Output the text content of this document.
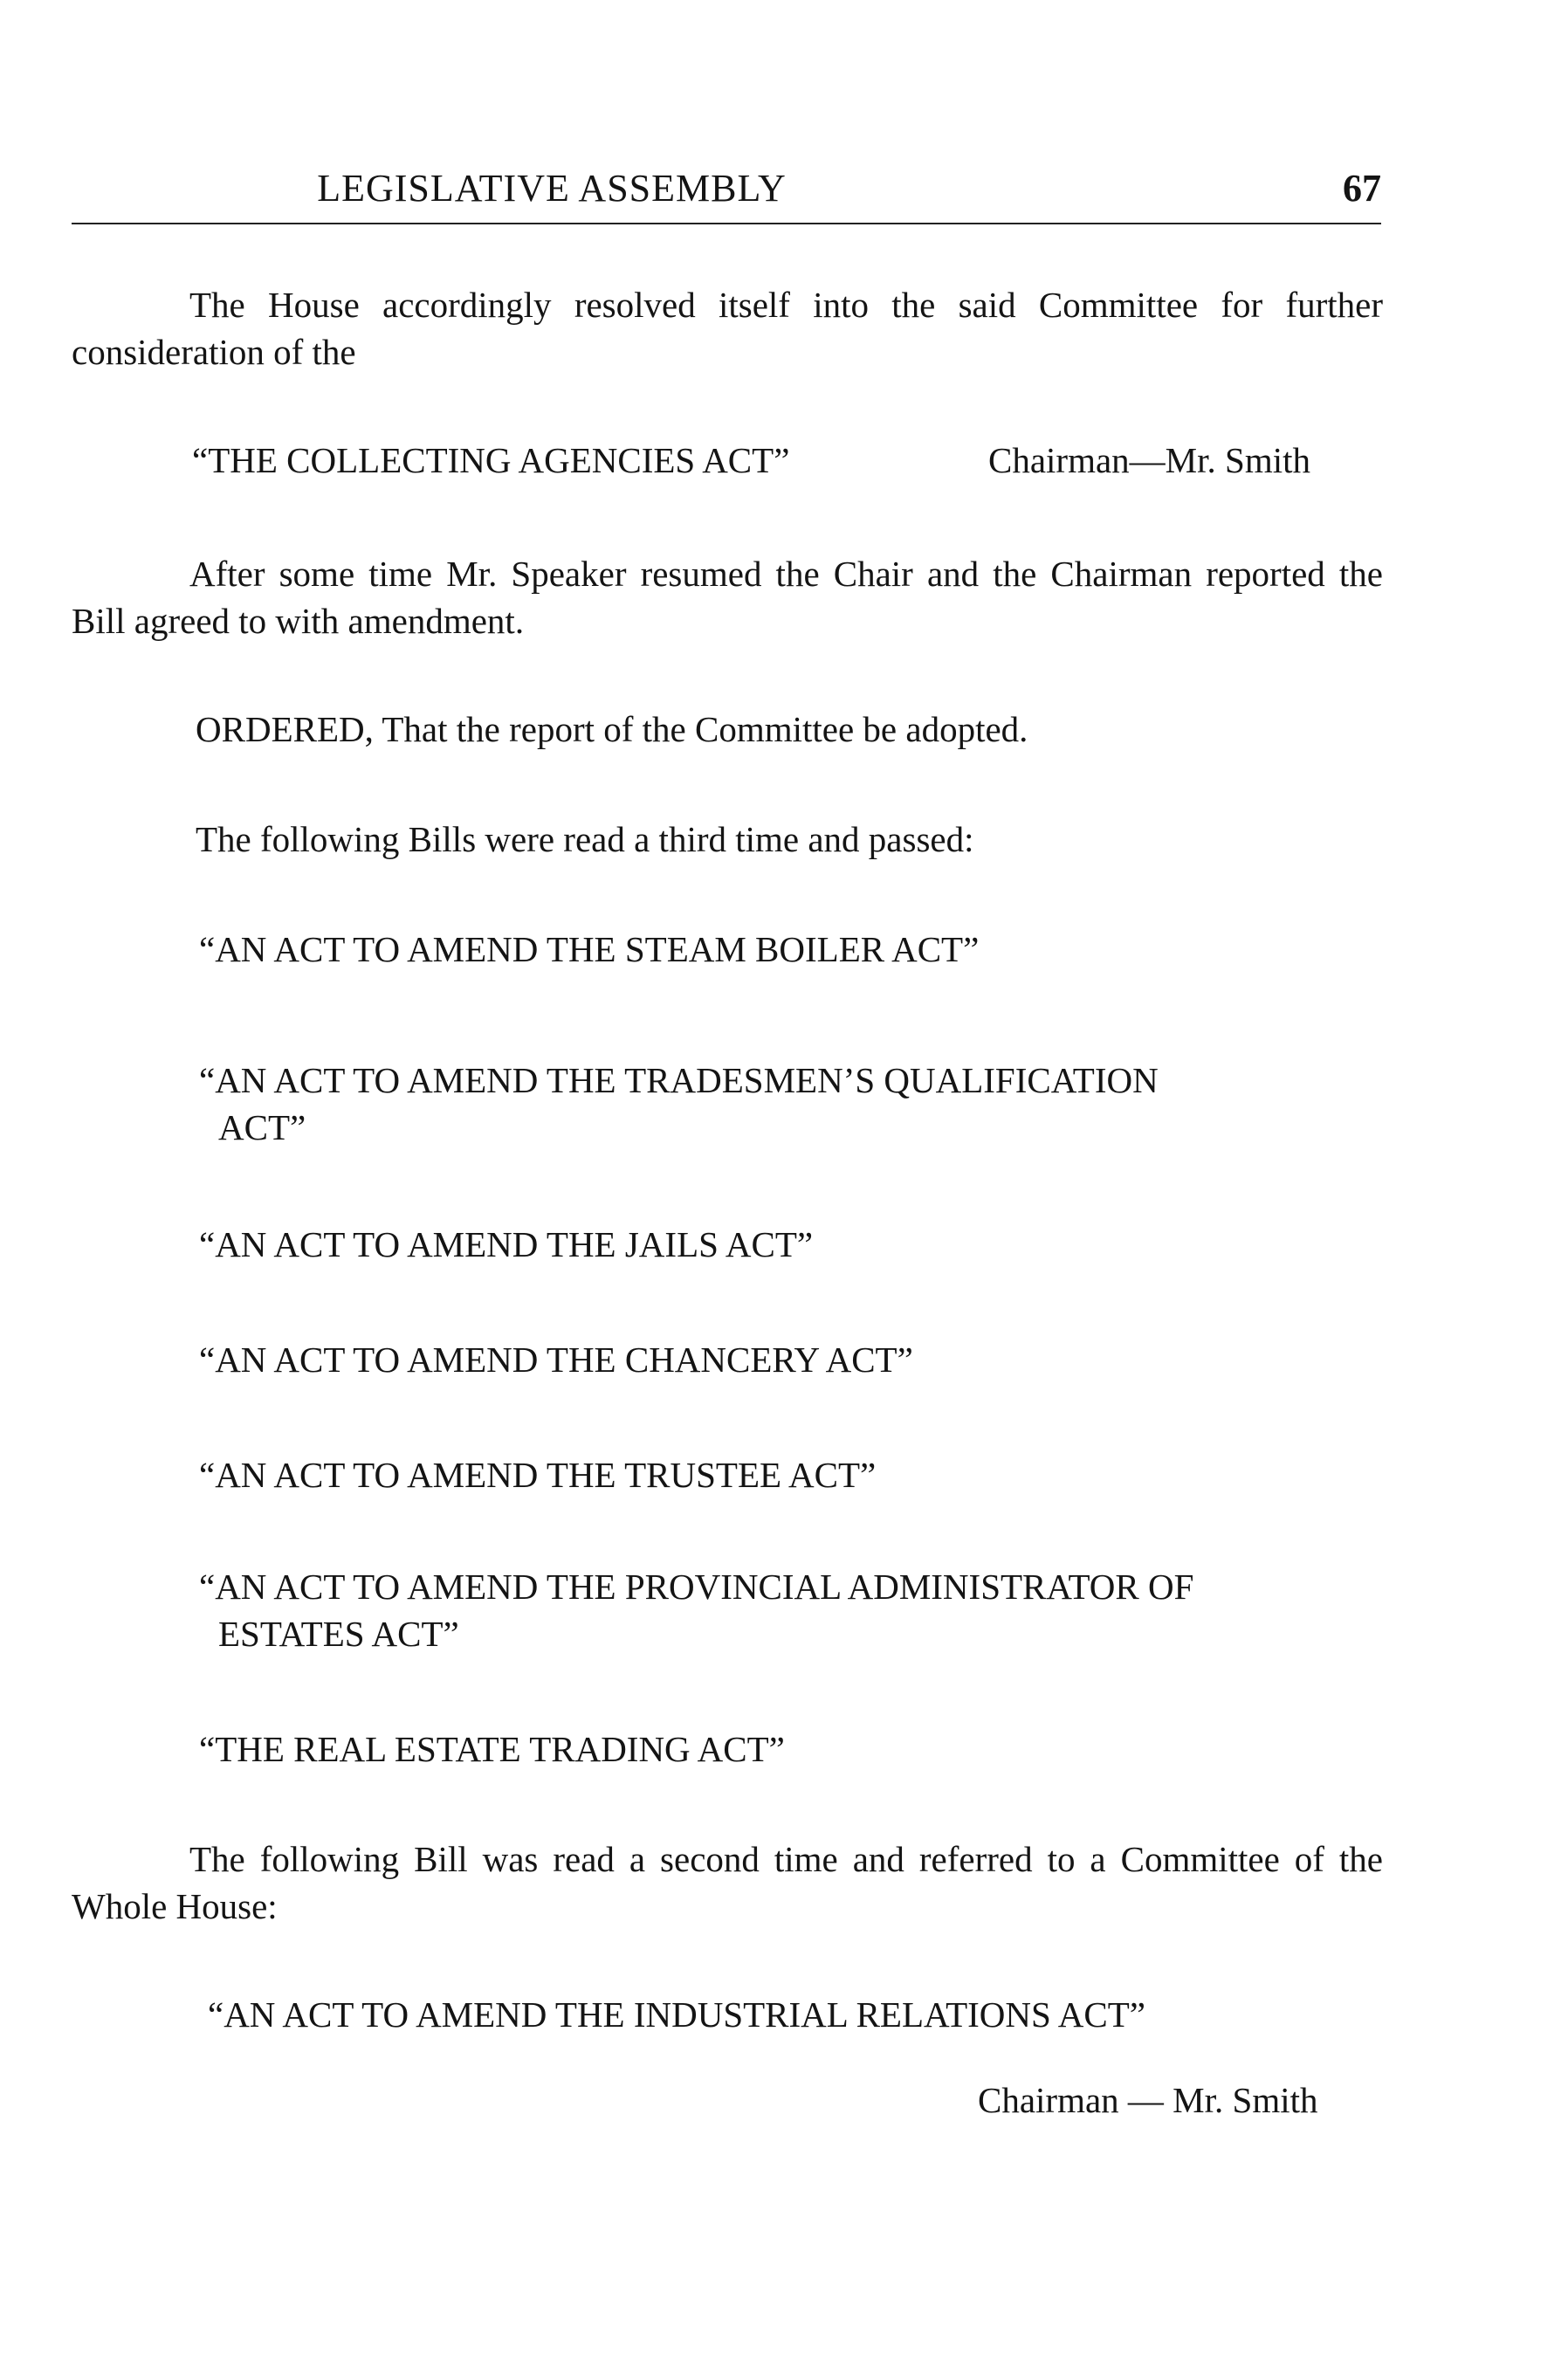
LEGISLATIVE ASSEMBLY	67
The House accordingly resolved itself into the said Committee for further consideration of the
“THE COLLECTING AGENCIES ACT”	Chairman—Mr. Smith
After some time Mr. Speaker resumed the Chair and the Chairman reported the Bill agreed to with amendment.
ORDERED, That the report of the Committee be adopted.
The following Bills were read a third time and passed:
“AN ACT TO AMEND THE STEAM BOILER ACT”
“AN ACT TO AMEND THE TRADESMEN’S QUALIFICATION
ACT”
“AN ACT TO AMEND THE JAILS ACT”
“AN ACT TO AMEND THE CHANCERY ACT”
“AN ACT TO AMEND THE TRUSTEE ACT”
“AN ACT TO AMEND THE PROVINCIAL ADMINISTRATOR OF
ESTATES ACT”
“THE REAL ESTATE TRADING ACT”
The following Bill was read a second time and referred to a Committee of the Whole House:
“AN ACT TO AMEND THE INDUSTRIAL RELATIONS ACT”
Chairman — Mr. Smith
